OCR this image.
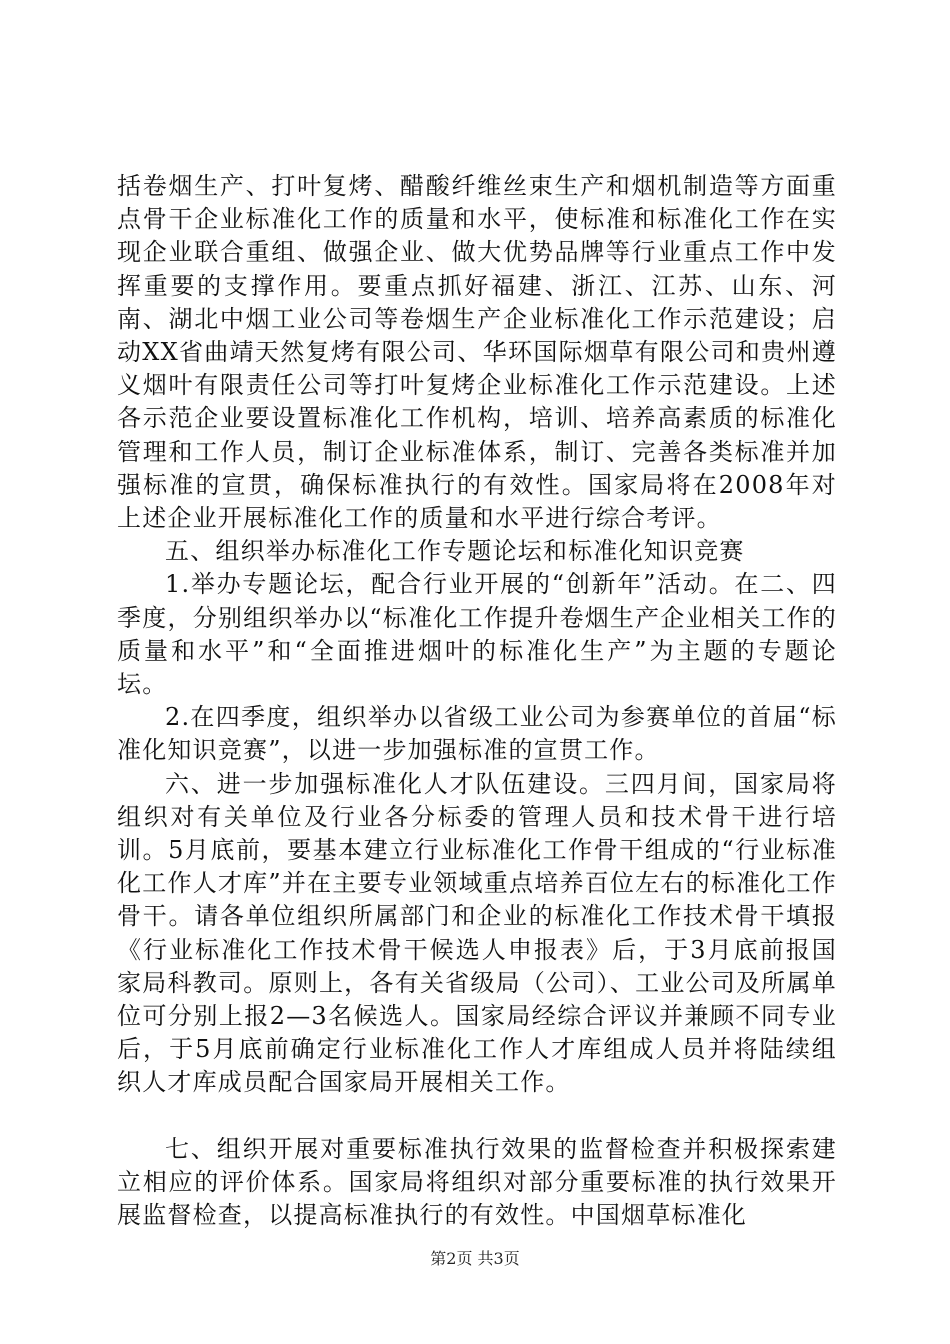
括卷烟生产、打叶复烤、醋酸纤维丝束生产和烟机制造等方面重点骨干企业标准化工作的质量和水平，使标准和标准化工作在实现企业联合重组、做强企业、做大优势品牌等行业重点工作中发挥重要的支撑作用。要重点抓好福建、浙江、江苏、山东、河南、湖北中烟工业公司等卷烟生产企业标准化工作示范建设；启动XX省曲靖天然复烤有限公司、华环国际烟草有限公司和贵州遵义烟叶有限责任公司等打叶复烤企业标准化工作示范建设。上述各示范企业要设置标准化工作机构，培训、培养高素质的标准化管理和工作人员，制订企业标准体系，制订、完善各类标准并加强标准的宣贯，确保标准执行的有效性。国家局将在2008年对上述企业开展标准化工作的质量和水平进行综合考评。

五、组织举办标准化工作专题论坛和标准化知识竞赛

1.举办专题论坛，配合行业开展的“创新年”活动。在二、四季度，分别组织举办以“标准化工作提升卷烟生产企业相关工作的质量和水平”和“全面推进烟叶的标准化生产”为主题的专题论坛。

2.在四季度，组织举办以省级工业公司为参赛单位的首届“标准化知识竞赛”，以进一步加强标准的宣贯工作。

六、进一步加强标准化人才队伍建设。三四月间，国家局将组织对有关单位及行业各分标委的管理人员和技术骨干进行培训。5月底前，要基本建立行业标准化工作骨干组成的“行业标准化工作人才库”并在主要专业领域重点培养百位左右的标准化工作骨干。请各单位组织所属部门和企业的标准化工作技术骨干填报《行业标准化工作技术骨干候选人申报表》后，于3月底前报国家局科教司。原则上，各有关省级局（公司）、工业公司及所属单位可分别上报2—3名候选人。国家局经综合评议并兼顾不同专业后，于5月底前确定行业标准化工作人才库组成人员并将陆续组织人才库成员配合国家局开展相关工作。

七、组织开展对重要标准执行效果的监督检查并积极探索建立相应的评价体系。国家局将组织对部分重要标准的执行效果开展监督检查，以提高标准执行的有效性。中国烟草标准化

第2页 共3页
